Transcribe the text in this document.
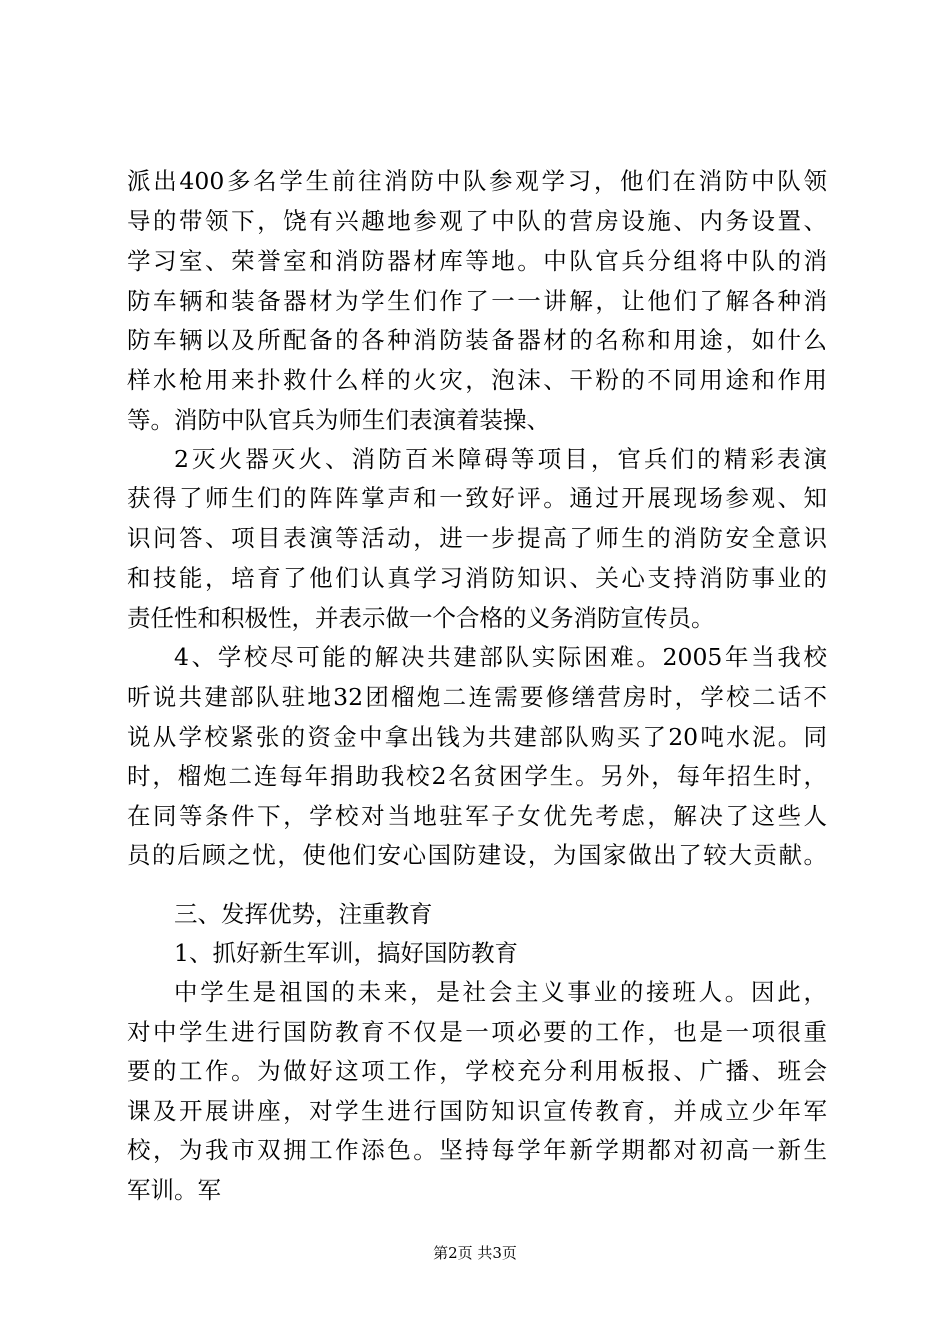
派出400多名学生前往消防中队参观学习，他们在消防中队领
导的带领下，饶有兴趣地参观了中队的营房设施、内务设置、
学习室、荣誉室和消防器材库等地。中队官兵分组将中队的消
防车辆和装备器材为学生们作了一一讲解，让他们了解各种消
防车辆以及所配备的各种消防装备器材的名称和用途，如什么
样水枪用来扑救什么样的火灾，泡沫、干粉的不同用途和作用
等。消防中队官兵为师生们表演着装操、
2灭火器灭火、消防百米障碍等项目，官兵们的精彩表演
获得了师生们的阵阵掌声和一致好评。通过开展现场参观、知
识问答、项目表演等活动，进一步提高了师生的消防安全意识
和技能，培育了他们认真学习消防知识、关心支持消防事业的
责任性和积极性，并表示做一个合格的义务消防宣传员。
4、学校尽可能的解决共建部队实际困难。2005年当我校
听说共建部队驻地32团榴炮二连需要修缮营房时，学校二话不
说从学校紧张的资金中拿出钱为共建部队购买了20吨水泥。同
时，榴炮二连每年捐助我校2名贫困学生。另外，每年招生时，
在同等条件下，学校对当地驻军子女优先考虑，解决了这些人
员的后顾之忧，使他们安心国防建设，为国家做出了较大贡献。
三、发挥优势，注重教育
1、抓好新生军训，搞好国防教育
中学生是祖国的未来，是社会主义事业的接班人。因此，
对中学生进行国防教育不仅是一项必要的工作，也是一项很重
要的工作。为做好这项工作，学校充分利用板报、广播、班会
课及开展讲座，对学生进行国防知识宣传教育，并成立少年军
校，为我市双拥工作添色。坚持每学年新学期都对初高一新生
军训。军
第2页 共3页
